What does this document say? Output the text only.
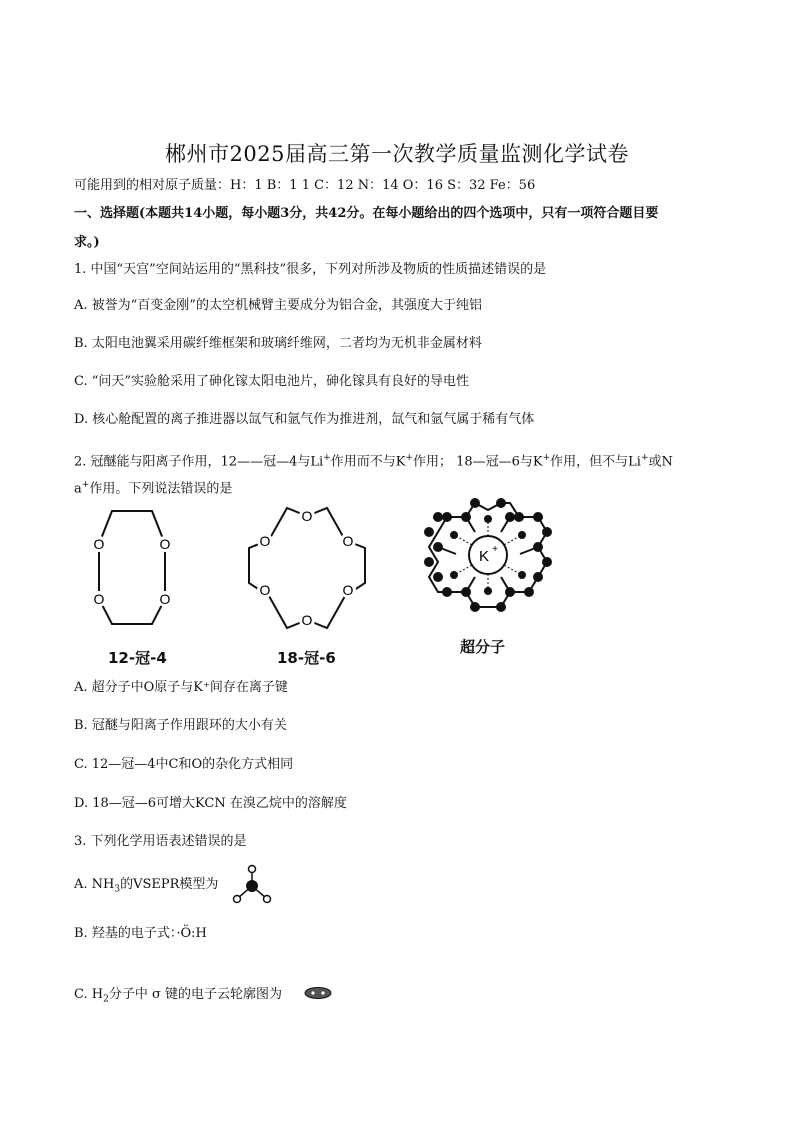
郴州市2025届高三第一次教学质量监测化学试卷
可能用到的相对原子质量：H：1 B：1 1 C：12 N：14 O：16 S：32 Fe：56
一、选择题(本题共14小题，每小题3分，共42分。在每小题给出的四个选项中，只有一项符合题目要
求。)
1. 中国“天宫”空间站运用的“黑科技”很多，下列对所涉及物质的性质描述错误的是
A. 被誉为“百变金刚”的太空机械臂主要成分为铝合金，其强度大于纯铝
B. 太阳电池翼采用碳纤维框架和玻璃纤维网，二者均为无机非金属材料
C. “问天”实验舱采用了砷化镓太阳电池片，砷化镓具有良好的导电性
D. 核心舱配置的离子推进器以氙气和氩气作为推进剂，氙气和氩气属于稀有气体
2. 冠醚能与阳离子作用，12——冠—4与Li+作用而不与K+作用； 18—冠—6与K+作用，但不与Li+或N
a+作用。下列说法错误的是
O	O
O	O
12-冠-4
O
O	O
O	O
O
18-冠-6
K +
超分子
A. 超分子中O原子与K⁺间存在离子键
B. 冠醚与阳离子作用跟环的大小有关
C. 12—冠—4中C和O的杂化方式相同
D. 18—冠—6可增大KCN 在溴乙烷中的溶解度
3. 下列化学用语表述错误的是
A. $NH_3$的VSEPR模型为
B. 羟基的电子式：·Ö:H
C. $H_2$分子中 σ 键的电子云轮廓图为
